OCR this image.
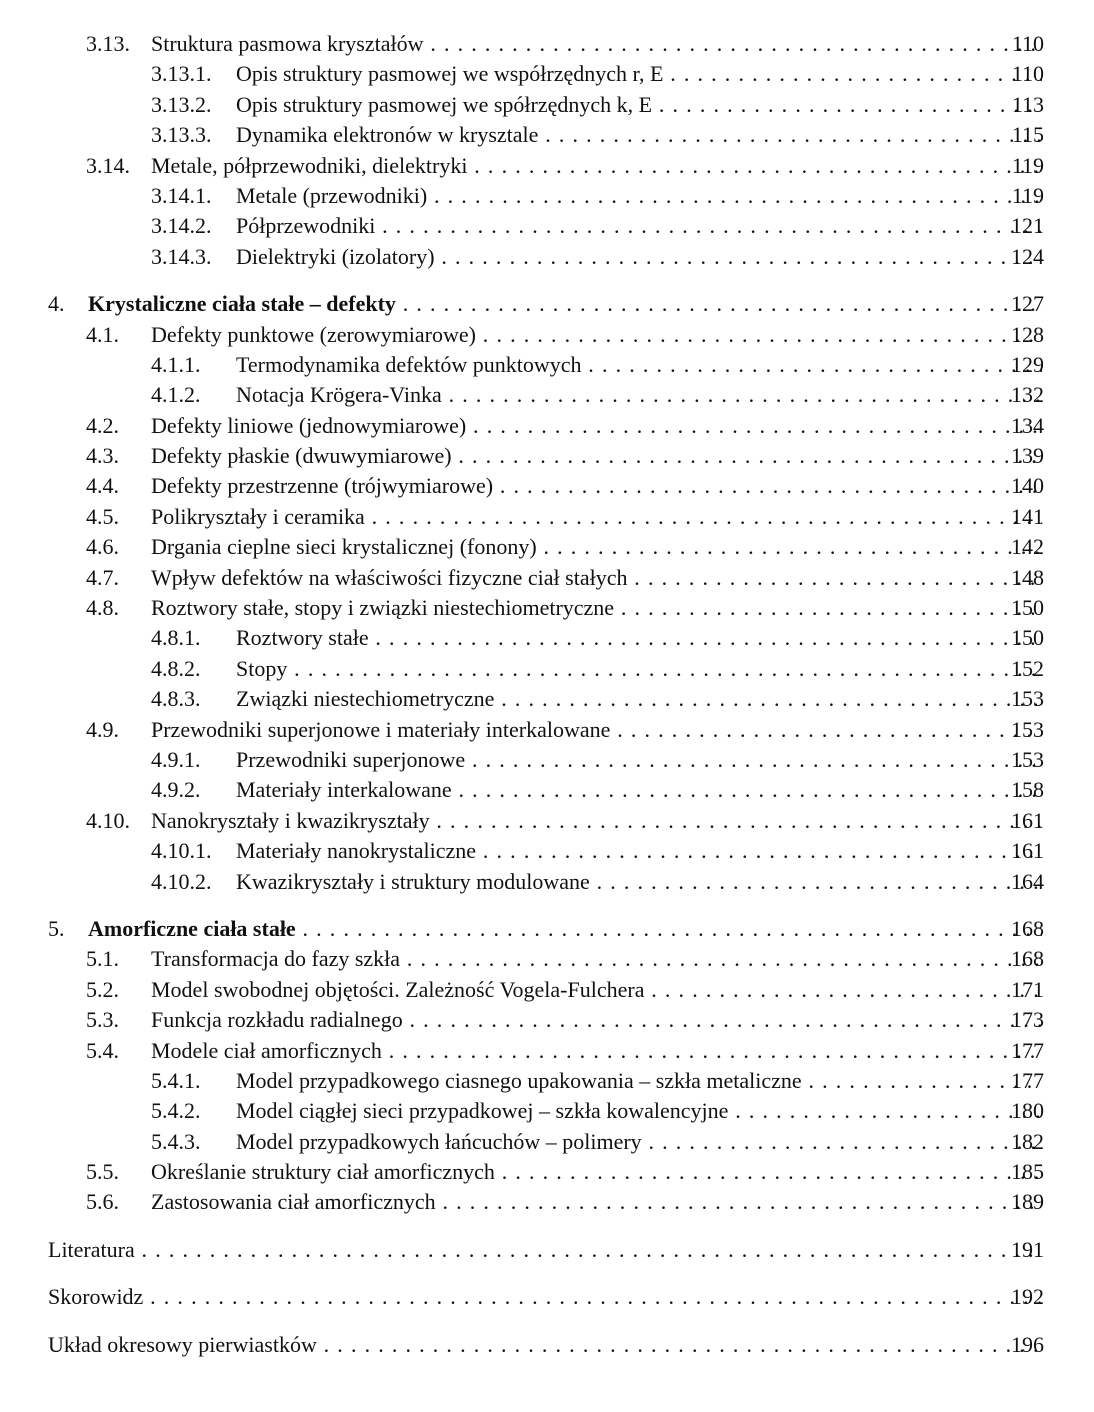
3.13. Struktura pasmowa kryształów . . .	110
3.13.1. Opis struktury pasmowej we współrzędnych r, E . . .	110
3.13.2. Opis struktury pasmowej we spółrzędnych k, E . . .	113
3.13.3. Dynamika elektronów w krysztale . . .	115
3.14. Metale, półprzewodniki, dielektryki . . .	119
3.14.1. Metale (przewodniki) . . .	119
3.14.2. Półprzewodniki . . .	121
3.14.3. Dielektryki (izolatory) . . .	124
4. Krystaliczne ciała stałe – defekty . . .	127
4.1. Defekty punktowe (zerowymiarowe) . . .	128
4.1.1. Termodynamika defektów punktowych . . .	129
4.1.2. Notacja Krögera-Vinka . . .	132
4.2. Defekty liniowe (jednowymiarowe) . . .	134
4.3. Defekty płaskie (dwuwymiarowe) . . .	139
4.4. Defekty przestrzenne (trójwymiarowe) . . .	140
4.5. Polikryształy i ceramika . . .	141
4.6. Drgania cieplne sieci krystalicznej (fonony) . . .	142
4.7. Wpływ defektów na właściwości fizyczne ciał stałych . . .	148
4.8. Roztwory stałe, stopy i związki niestechiometryczne . . .	150
4.8.1. Roztwory stałe . . .	150
4.8.2. Stopy . . .	152
4.8.3. Związki niestechiometryczne . . .	153
4.9. Przewodniki superjonowe i materiały interkalowane . . .	153
4.9.1. Przewodniki superjonowe . . .	153
4.9.2. Materiały interkalowane . . .	158
4.10. Nanokryształy i kwazikryształy . . .	161
4.10.1. Materiały nanokrystaliczne . . .	161
4.10.2. Kwazikryształy i struktury modulowane . . .	164
5. Amorficzne ciała stałe . . .	168
5.1. Transformacja do fazy szkła . . .	168
5.2. Model swobodnej objętości. Zależność Vogela-Fulchera . . .	171
5.3. Funkcja rozkładu radialnego . . .	173
5.4. Modele ciał amorficznych . . .	177
5.4.1. Model przypadkowego ciasnego upakowania – szkła metaliczne . . .	177
5.4.2. Model ciągłej sieci przypadkowej – szkła kowalencyjne . . .	180
5.4.3. Model przypadkowych łańcuchów – polimery . . .	182
5.5. Określanie struktury ciał amorficznych . . .	185
5.6. Zastosowania ciał amorficznych . . .	189
Literatura . . .	191
Skorowidz . . .	192
Układ okresowy pierwiastków . . .	196
